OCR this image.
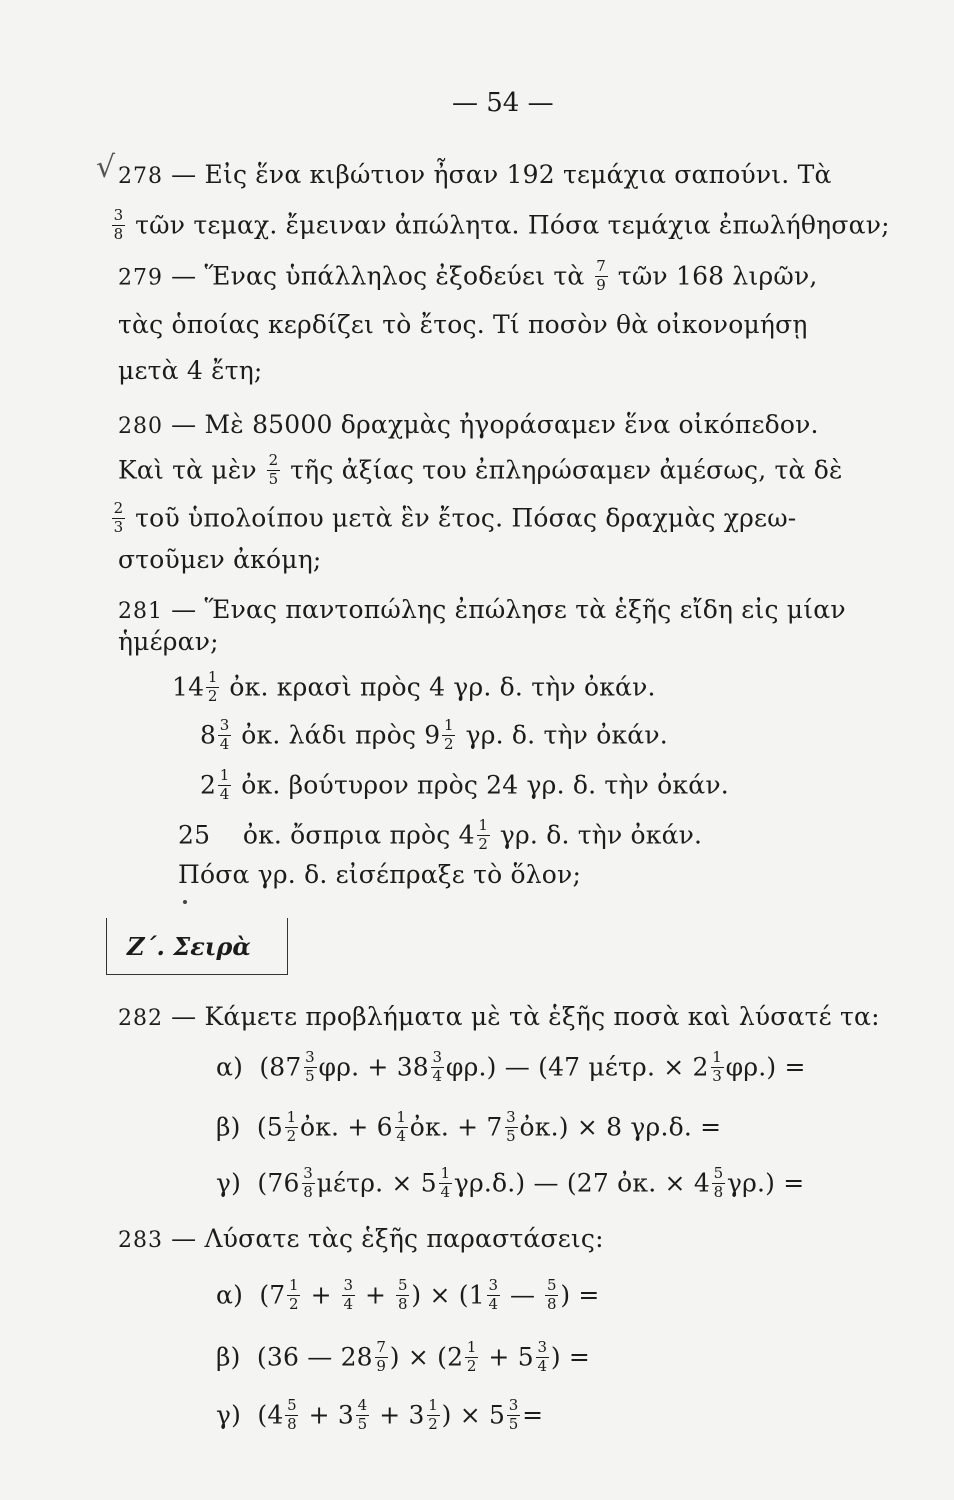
— 54 —
√ 278 — Εἰς ἕνα κιβώτιον ἦσαν 192 τεμάχια σαπούνι. Τὰ
$\frac{3}{8}$ τῶν τεμαχ. ἔμειναν ἀπώλητα. Πόσα τεμάχια ἐπωλήθησαν;
279 — Ἕνας ὑπάλληλος ἐξοδεύει τὰ $\frac{7}{9}$ τῶν 168 λιρῶν,
τὰς ὁποίας κερδίζει τὸ ἔτος. Τί ποσὸν θὰ οἰκονομήσῃ
μετὰ 4 ἔτη;
280 — Μὲ 85000 δραχμὰς ἠγοράσαμεν ἕνα οἰκόπεδον.
Καὶ τὰ μὲν $\frac{2}{5}$ τῆς ἀξίας του ἐπληρώσαμεν ἀμέσως, τὰ δὲ
$\frac{2}{3}$ τοῦ ὑπολοίπου μετὰ ἓν ἔτος. Πόσας δραχμὰς χρεω-
στοῦμεν ἀκόμη;
281 — Ἕνας παντοπώλης ἐπώλησε τὰ ἑξῆς εἴδη εἰς μίαν
ἡμέραν;
$14 \frac{1}{2}$ ὀκ. κρασὶ πρὸς 4 γρ. δ. τὴν ὀκάν.
$8 \frac{3}{4}$ ὀκ. λάδι πρὸς $9 \frac{1}{2} \gamma\rho$. δ. τὴν ὀκάν.
$2 \frac{1}{4}$ ὀκ. βούτυρον πρὸς 24 γρ. δ. τὴν ὀκάν.
25 ὀκ. ὄσπρια πρὸς $4 \frac{1}{2} \gamma\rho$. δ. τὴν ὀκάν.
Πόσα γρ. δ. εἰσέπραξε τὸ ὅλον;
Ζ΄. Σειρὰ
282 — Κάμετε προβλήματα μὲ τὰ ἑξῆς ποσὰ καὶ λύσατέ τα:
α) ($87 \frac{3}{5} \varphi\rho$. + $38 \frac{3}{4} \varphi\rho$.) — (47 μέτρ. × $2 \frac{1}{3} \varphi\rho$.) =
β) ($5 \frac{1}{2}$ ὀκ. + $6 \frac{1}{4}$ ὀκ. + $7 \frac{3}{5}$ ὀκ.) × 8 γρ.δ. =
γ) ($76 \frac{3}{8} \mu έ\tau\rho$. × $5 \frac{1}{4} \gamma\rho.\delta$.) — (27 ὀκ. × $4 \frac{5}{8} \gamma\rho$.) =
283 — Λύσατε τὰς ἑξῆς παραστάσεις:
α) ($7 \frac{1}{2} + \frac{3}{4} + \frac{5}{8}$ ) × ($1 \frac{3}{4}$ — $\frac{5}{8}$ ) =
β) (36 — $28 \frac{7}{9}$ ) × ($2 \frac{1}{2} + 5 \frac{3}{4}$ ) =
γ) ($4 \frac{5}{8} + 3 \frac{4}{5} + 3 \frac{1}{2}$ ) × $5 \frac{3}{5}$ =
